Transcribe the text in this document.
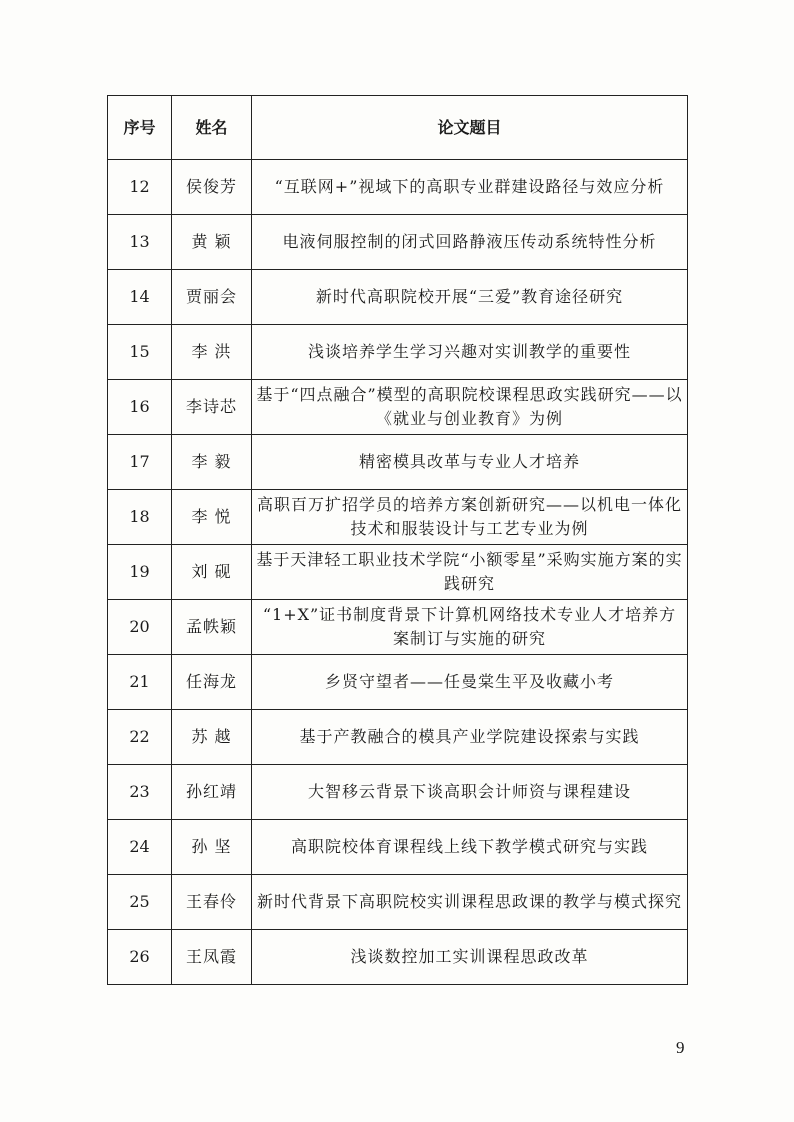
序号	姓名	论文题目
12	侯俊芳	“互联网+”视域下的高职专业群建设路径与效应分析
13	黄 颖	电液伺服控制的闭式回路静液压传动系统特性分析
14	贾丽会	新时代高职院校开展“三爱”教育途径研究
15	李 洪	浅谈培养学生学习兴趣对实训教学的重要性
16	李诗芯	基于“四点融合”模型的高职院校课程思政实践研究——以《就业与创业教育》为例
17	李 毅	精密模具改革与专业人才培养
18	李 悦	高职百万扩招学员的培养方案创新研究——以机电一体化技术和服装设计与工艺专业为例
19	刘 砚	基于天津轻工职业技术学院“小额零星”采购实施方案的实践研究
20	孟帙颖	“1+X”证书制度背景下计算机网络技术专业人才培养方案制订与实施的研究
21	任海龙	乡贤守望者——任曼棠生平及收藏小考
22	苏 越	基于产教融合的模具产业学院建设探索与实践
23	孙红靖	大智移云背景下谈高职会计师资与课程建设
24	孙 坚	高职院校体育课程线上线下教学模式研究与实践
25	王春伶	新时代背景下高职院校实训课程思政课的教学与模式探究
26	王凤霞	浅谈数控加工实训课程思政改革
9
